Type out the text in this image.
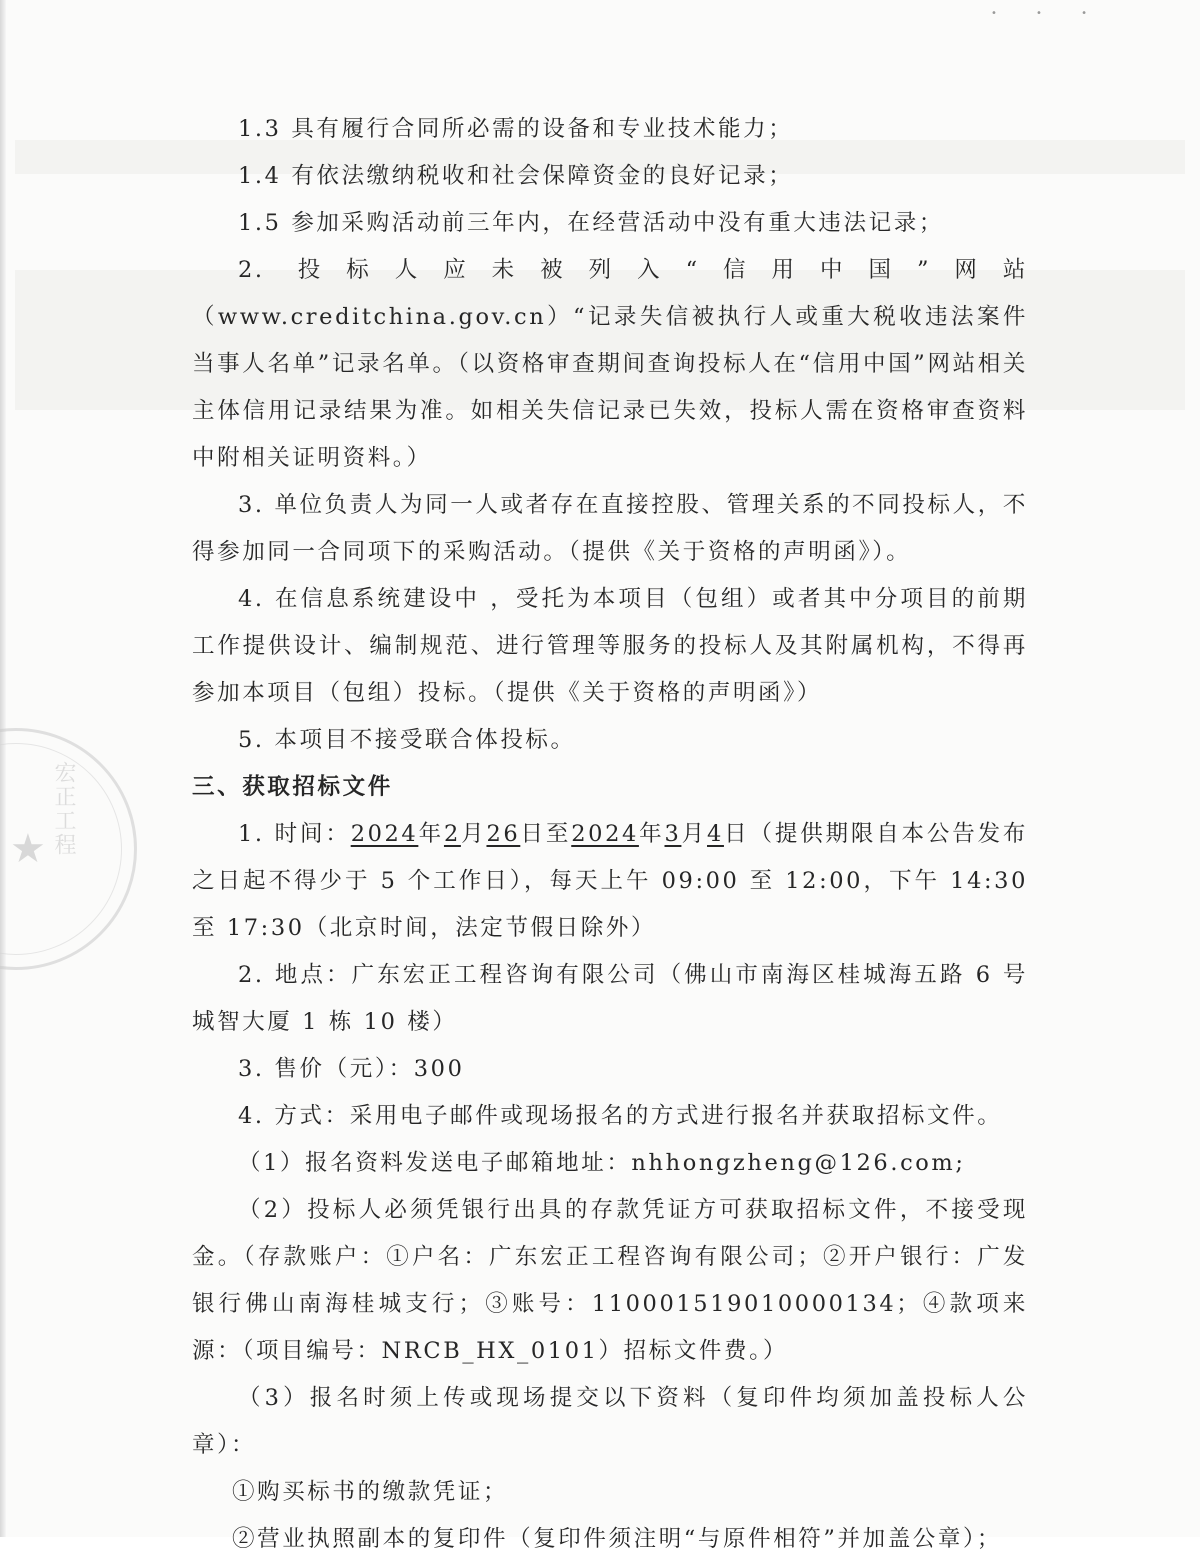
• • •
★ 宏正工程

1.3 具有履行合同所必需的设备和专业技术能力；

1.4 有依法缴纳税收和社会保障资金的良好记录；

1.5 参加采购活动前三年内，在经营活动中没有重大违法记录；

2. 投标人应未被列入“信用中国”网站（www.creditchina.gov.cn）“记录失信被执行人或重大税收违法案件当事人名单”记录名单。（以资格审查期间查询投标人在“信用中国”网站相关主体信用记录结果为准。如相关失信记录已失效，投标人需在资格审查资料中附相关证明资料。）

3. 单位负责人为同一人或者存在直接控股、管理关系的不同投标人，不得参加同一合同项下的采购活动。（提供《关于资格的声明函》）。

4. 在信息系统建设中 ，受托为本项目（包组）或者其中分项目的前期工作提供设计、编制规范、进行管理等服务的投标人及其附属机构，不得再参加本项目（包组）投标。（提供《关于资格的声明函》）

5. 本项目不接受联合体投标。

三、获取招标文件

1. 时间：2024年2月26日至2024年3月4日（提供期限自本公告发布之日起不得少于 5 个工作日），每天上午 09:00 至 12:00，下午 14:30 至 17:30（北京时间，法定节假日除外）

2. 地点：广东宏正工程咨询有限公司（佛山市南海区桂城海五路 6 号城智大厦 1 栋 10 楼）

3. 售价（元）：300

4. 方式：采用电子邮件或现场报名的方式进行报名并获取招标文件。

（1）报名资料发送电子邮箱地址：nhhongzheng@126.com;

（2）投标人必须凭银行出具的存款凭证方可获取招标文件，不接受现金。（存款账户：①户名：广东宏正工程咨询有限公司；②开户银行：广发银行佛山南海桂城支行；③账号：110001519010000134；④款项来源：（项目编号：NRCB_HX_0101）招标文件费。）

（3）报名时须上传或现场提交以下资料（复印件均须加盖投标人公章）：

①购买标书的缴款凭证；

②营业执照副本的复印件（复印件须注明“与原件相符”并加盖公章）；
